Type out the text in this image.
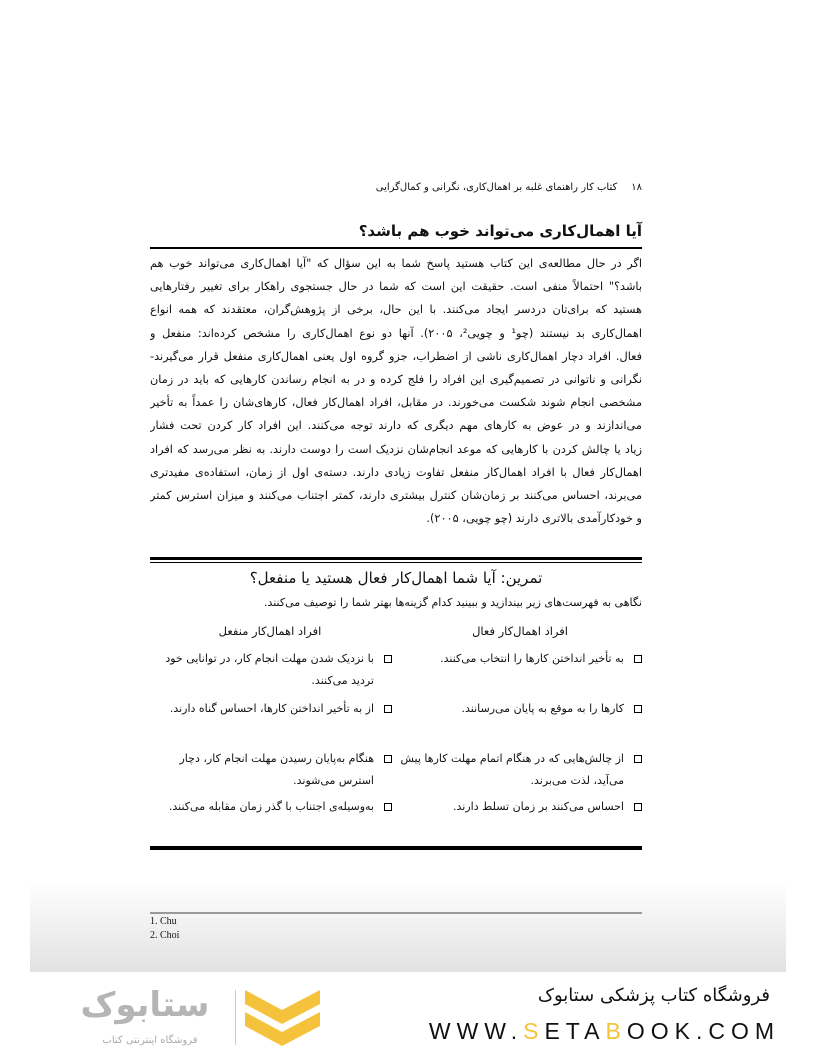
۱۸
کتاب کار راهنمای غلبه بر اهمال‌کاری، نگرانی و کمال‌گرایی
آیا اهمال‌کاری می‌تواند خوب هم باشد؟
اگر در حال مطالعه‌ی این کتاب هستید پاسخ شما به این سؤال که "آیا اهمال‌کاری می‌تواند خوب هم
باشد؟" احتمالاً منفی است. حقیقت این است که شما در حال جستجوی راهکار برای تغییر رفتارهایی
هستید که برای‌تان دردسر ایجاد می‌کنند. با این حال، برخی از پژوهش‌گران، معتقدند که همه انواع
اهمال‌کاری بد نیستند (چو¹ و چویی²، ۲۰۰۵). آنها دو نوع اهمال‌کاری را مشخص کرده‌اند: منفعل و
فعال. افراد دچار اهمال‌کاری ناشی از اضطراب، جزو گروه اول یعنی اهمال‌کاری منفعل قرار می‌گیرند-
نگرانی و ناتوانی در تصمیم‌گیری این افراد را فلج کرده و در به انجام رساندن کارهایی که باید در زمان
مشخصی انجام شوند شکست می‌خورند. در مقابل، افراد اهمال‌کار فعال، کارهای‌شان را عمداً به تأخیر
می‌اندازند و در عوض به کارهای مهم دیگری که دارند توجه می‌کنند. این افراد کار کردن تحت فشار
زیاد یا چالش کردن با کارهایی که موعد انجام‌شان نزدیک است را دوست دارند. به نظر می‌رسد که افراد
اهمال‌کار فعال با افراد اهمال‌کار منفعل تفاوت زیادی دارند. دسته‌ی اول از زمان، استفاده‌ی مفیدتری
می‌برند، احساس می‌کنند بر زمان‌شان کنترل بیشتری دارند، کمتر اجتناب می‌کنند و میزان استرس کمتر
و خودکارآمدی بالاتری دارند (چو چویی، ۲۰۰۵).
تمرین: آیا شما اهمال‌کار فعال هستید یا منفعل؟
نگاهی به فهرست‌های زیر بیندازید و ببینید کدام گزینه‌ها بهتر شما را توصیف می‌کنند.
افراد اهمال‌کار فعال
افراد اهمال‌کار منفعل
به تأخیر انداختن کارها را انتخاب می‌کنند.
با نزدیک شدن مهلت انجام کار، در توانایی خود تردید می‌کنند.
کارها را به موقع به پایان می‌رسانند.
از به تأخیر انداختن کارها، احساس گناه دارند.
از چالش‌هایی که در هنگام اتمام مهلت کارها پیش می‌آید، لذت می‌برند.
هنگام به‌پایان رسیدن مهلت انجام کار، دچار استرس می‌شوند.
احساس می‌کنند بر زمان تسلط دارند.
به‌وسیله‌ی اجتناب با گذر زمان مقابله می‌کنند.
1. Chu
2. Choi
فروشگاه کتاب پزشکی ستابوک
WWW.SETABOOK.COM
ستابوک
فروشگاه اینترنتی کتاب
